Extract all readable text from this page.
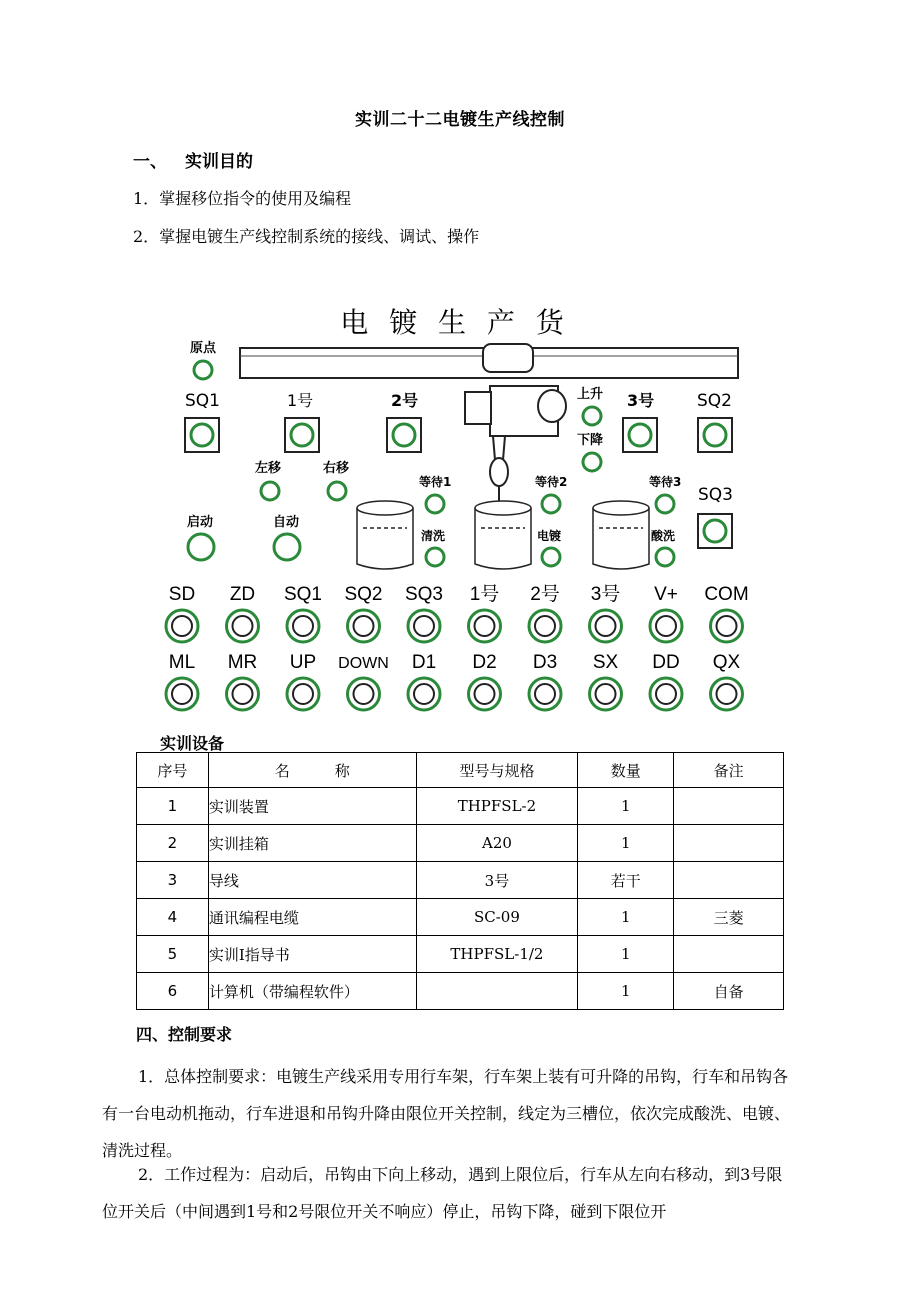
实训二十二电镀生产线控制
一、 实训目的
1．掌握移位指令的使用及编程
2．掌握电镀生产线控制系统的接线、调试、操作
电 镀 生 产 货
原点
SQ1	1号	2号	上升
下降
3号	SQ2
左移	右移
等待1	等待2	等待3
SQ3
启动	自动
清洗	电镀	酸洗
SD ZD SQ1 SQ2 SQ3 1号 2号 3号 V+ COM
ML MR UP DOWN D1 D2 D3 SX DD QX
实训设备
序号	名　　　称	型号与规格	数量	备注
1	实训装置	THPFSL-2	1	
2	实训挂箱	A20	1	
3	导线	3号	若干	
4	通讯编程电缆	SC-09	1	三菱
5	实训Ⅰ指导书	THPFSL-1/2	1	
6	计算机（带编程软件）		1	自备
四、控制要求
1．总体控制要求：电镀生产线采用专用行车架，行车架上装有可升降的吊钩，行车和吊钩各
有一台电动机拖动，行车进退和吊钩升降由限位开关控制，线定为三槽位，依次完成酸洗、电镀、
清洗过程。
2．工作过程为：启动后，吊钩由下向上移动，遇到上限位后，行车从左向右移动，到3号限
位开关后（中间遇到1号和2号限位开关不响应）停止，吊钩下降，碰到下限位开
